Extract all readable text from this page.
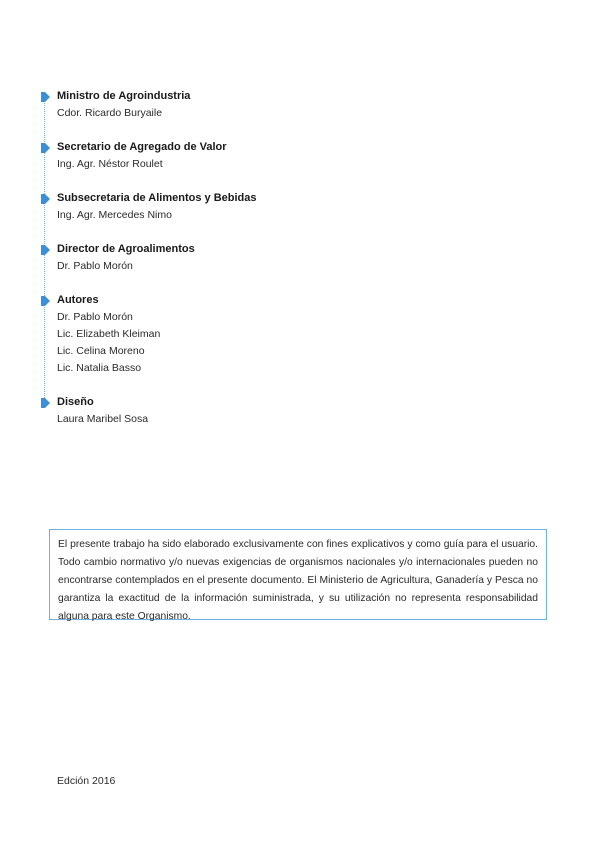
Ministro de Agroindustria
Cdor. Ricardo Buryaile
Secretario de Agregado de Valor
Ing. Agr. Néstor Roulet
Subsecretaria de Alimentos y Bebidas
Ing. Agr. Mercedes Nimo
Director de Agroalimentos
Dr. Pablo Morón
Autores
Dr. Pablo Morón
Lic. Elizabeth Kleiman
Lic. Celina Moreno
Lic. Natalia Basso
Diseño
Laura Maribel Sosa
El presente trabajo ha sido elaborado exclusivamente con fines explicativos y como guía para el usuario. Todo cambio normativo y/o nuevas exigencias de organismos nacionales y/o internacionales pueden no encontrarse contemplados en el presente documento. El Ministerio de Agricultura, Ganadería y Pesca no garantiza la exactitud de la información suministrada, y su utilización no representa responsabilidad alguna para este Organismo.
Edción 2016
